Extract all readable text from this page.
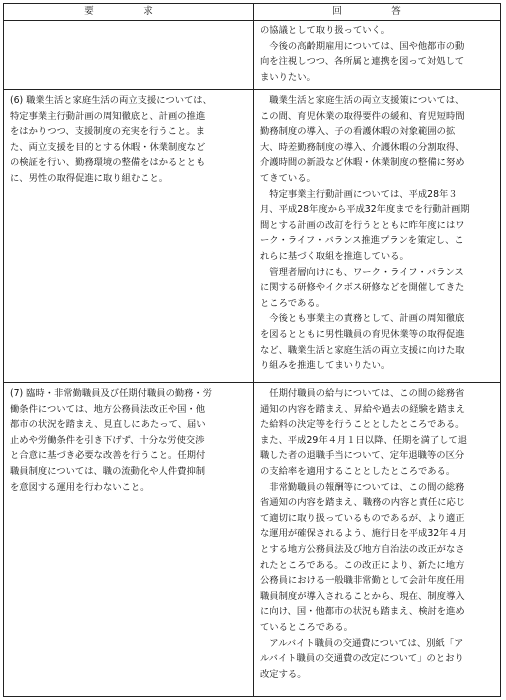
要　求	回　答

の協議として取り扱っていく。
　今後の高齢期雇用については、国や他都市の動
向を注視しつつ、各所属と連携を図って対処して
まいりたい。

(6) 職業生活と家庭生活の両立支援については、
特定事業主行動計画の周知徹底と、計画の推進
をはかりつつ、支援制度の充実を行うこと。ま
た、両立支援を目的とする休暇・休業制度など
の検証を行い、勤務環境の整備をはかるととも
に、男性の取得促進に取り組むこと。

　職業生活と家庭生活の両立支援策については、
この間、育児休業の取得要件の緩和、育児短時間
勤務制度の導入、子の看護休暇の対象範囲の拡
大、時差勤務制度の導入、介護休暇の分割取得、
介護時間の新設など休暇・休業制度の整備に努め
てきている。
　特定事業主行動計画については、平成28年３
月、平成28年度から平成32年度までを行動計画期
間とする計画の改訂を行うとともに昨年度にはワ
ーク・ライフ・バランス推進プランを策定し、こ
れらに基づく取組を推進している。
　管理者層向けにも、ワーク・ライフ・バランス
に関する研修やイクボス研修などを開催してきた
ところである。
　今後とも事業主の責務として、計画の周知徹底
を図るとともに男性職員の育児休業等の取得促進
など、職業生活と家庭生活の両立支援に向けた取
り組みを推進してまいりたい。

(7) 臨時・非常勤職員及び任期付職員の勤務・労
働条件については、地方公務員法改正や国・他
都市の状況を踏まえ、見直しにあたって、届い
止めや労働条件を引き下げず、十分な労使交渉
と合意に基づき必要な改善を行うこと。任期付
職員制度については、職の流動化や人件費抑制
を意図する運用を行わないこと。

　任期付職員の給与については、この間の総務省
通知の内容を踏まえ、昇給や過去の経験を踏まえ
た給料の決定等を行うこととしたところである。
また、平成29年４月１日以降、任期を満了して退
職した者の退職手当について、定年退職等の区分
の支給率を適用することとしたところである。
　非常勤職員の報酬等については、この間の総務
省通知の内容を踏まえ、職務の内容と責任に応じ
て適切に取り扱っているものであるが、より適正
な運用が確保されるよう、施行日を平成32年４月
とする地方公務員法及び地方自治法の改正がなさ
れたところである。この改正により、新たに地方
公務員における一般職非常勤として会計年度任用
職員制度が導入されることから、現在、制度導入
に向け、国・他都市の状況も踏まえ、検討を進め
ているところである。
　アルバイト職員の交通費については、別紙「ア
ルバイト職員の交通費の改定について」のとおり
改定する。
